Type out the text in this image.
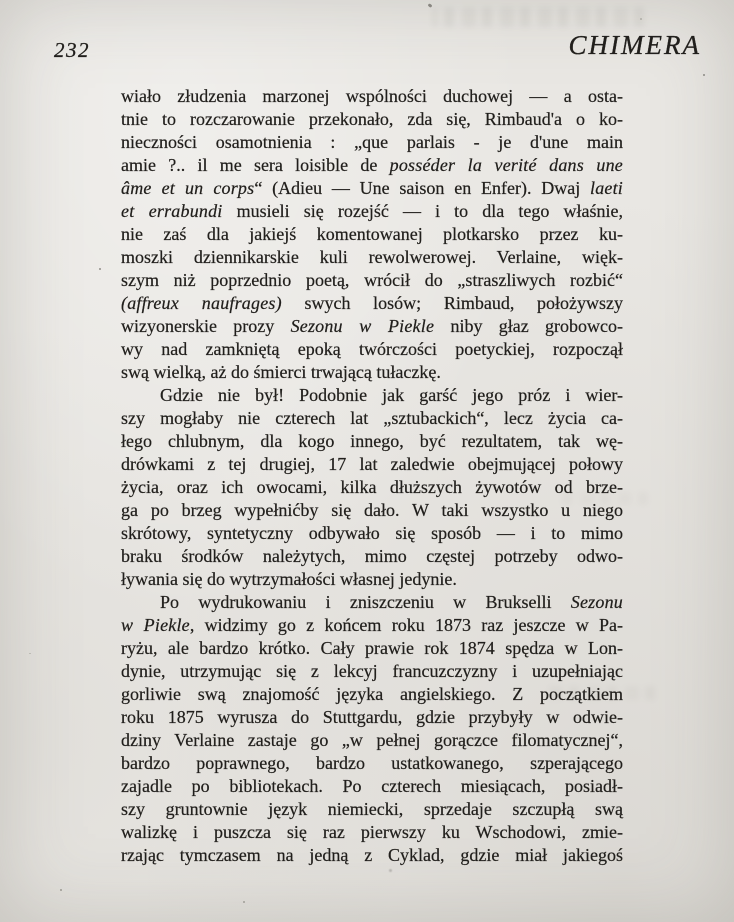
232	CHIMERA
wiało złudzenia marzonej wspólności duchowej — a osta-
tnie to rozczarowanie przekonało, zda się, Rimbaud'a o ko-
nieczności osamotnienia : „que parlais - je d'une main
amie ?.. il me sera loisible de posséder la verité dans une
âme et un corps“ (Adieu — Une saison en Enfer). Dwaj laeti
et errabundi musieli się rozejść — i to dla tego właśnie,
nie zaś dla jakiejś komentowanej plotkarsko przez ku-
moszki dziennikarskie kuli rewolwerowej. Verlaine, więk-
szym niż poprzednio poetą, wrócił do „straszliwych rozbić“
(affreux naufrages) swych losów; Rimbaud, położywszy
wizyonerskie prozy Sezonu w Piekle niby głaz grobowco-
wy nad zamkniętą epoką twórczości poetyckiej, rozpoczął
swą wielką, aż do śmierci trwającą tułaczkę.
Gdzie nie był! Podobnie jak garść jego próz i wier-
szy mogłaby nie czterech lat „sztubackich“, lecz życia ca-
łego chlubnym, dla kogo innego, być rezultatem, tak wę-
drówkami z tej drugiej, 17 lat zaledwie obejmującej połowy
życia, oraz ich owocami, kilka dłuższych żywotów od brze-
ga po brzeg wypełnićby się dało. W taki wszystko u niego
skrótowy, syntetyczny odbywało się sposób — i to mimo
braku środków należytych, mimo częstej potrzeby odwo-
ływania się do wytrzymałości własnej jedynie.
Po wydrukowaniu i zniszczeniu w Brukselli Sezonu
w Piekle, widzimy go z końcem roku 1873 raz jeszcze w Pa-
ryżu, ale bardzo krótko. Cały prawie rok 1874 spędza w Lon-
dynie, utrzymując się z lekcyj francuzczyzny i uzupełniając
gorliwie swą znajomość języka angielskiego. Z początkiem
roku 1875 wyrusza do Stuttgardu, gdzie przybyły w odwie-
dziny Verlaine zastaje go „w pełnej gorączce filomatycznej“,
bardzo poprawnego, bardzo ustatkowanego, szperającego
zajadle po bibliotekach. Po czterech miesiącach, posiadł-
szy gruntownie język niemiecki, sprzedaje szczupłą swą
walizkę i puszcza się raz pierwszy ku Wschodowi, zmie-
rzając tymczasem na jedną z Cyklad, gdzie miał jakiegoś
